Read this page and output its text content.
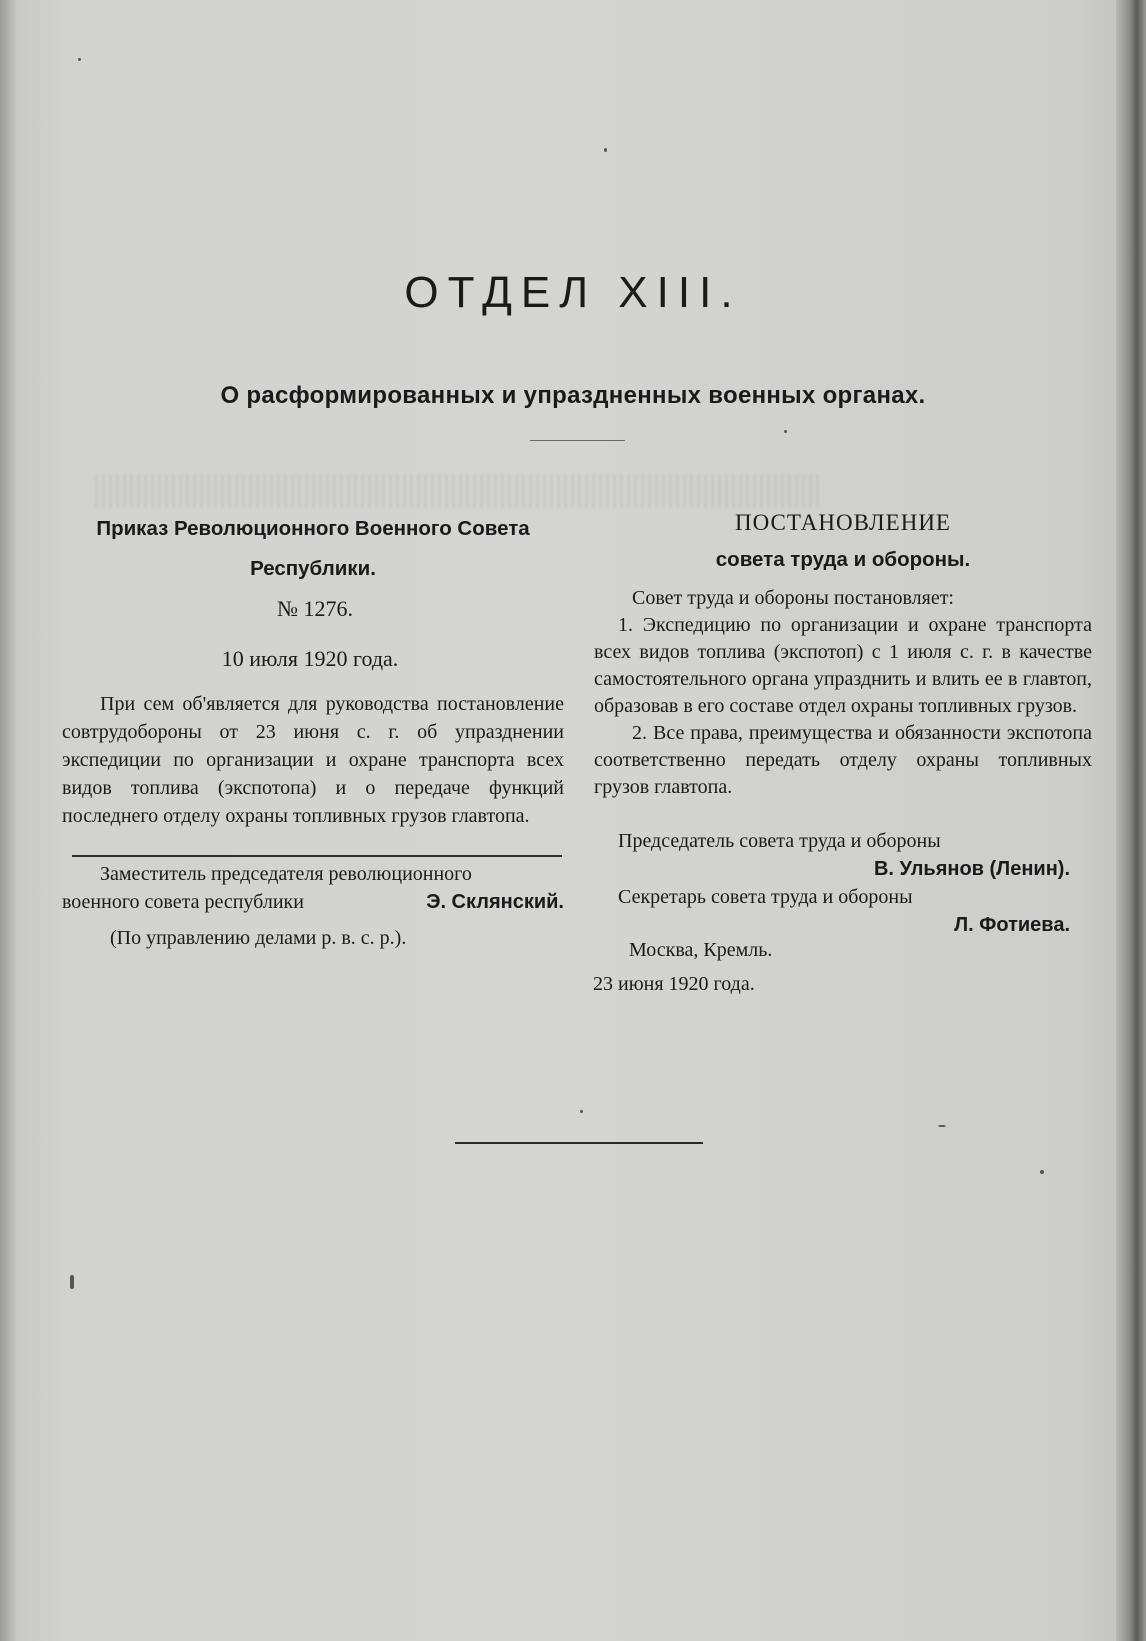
ОТДЕЛ XIII.
О расформированных и упраздненных военных органах.
Приказ Революционного Военного Совета Республики.
№ 1276.
10 июля 1920 года.

При сем об'является для руководства постановление совтрудобороны от 23 июня с. г. об упразднении экспедиции по организации и охране транспорта всех видов топлива (экспотопа) и о передаче функций последнего отделу охраны топливных грузов главтопа.

Заместитель председателя революционного
военного совета республики	Э. Склянский.
(По управлению делами р. в. с. р.).
ПОСТАНОВЛЕНИЕ
совета труда и обороны.
Совет труда и обороны постановляет:
1. Экспедицию по организации и охране транспорта всех видов топлива (экспотоп) с 1 июля с. г. в качестве самостоятельного органа упразднить и влить ее в главтоп, образовав в его составе отдел охраны топливных грузов.
2. Все права, преимущества и обязанности экспотопа соответственно передать отделу охраны топливных грузов главтопа.
Председатель совета труда и обороны
В. Ульянов (Ленин).
Секретарь совета труда и обороны
Л. Фотиева.
Москва, Кремль.
23 июня 1920 года.
